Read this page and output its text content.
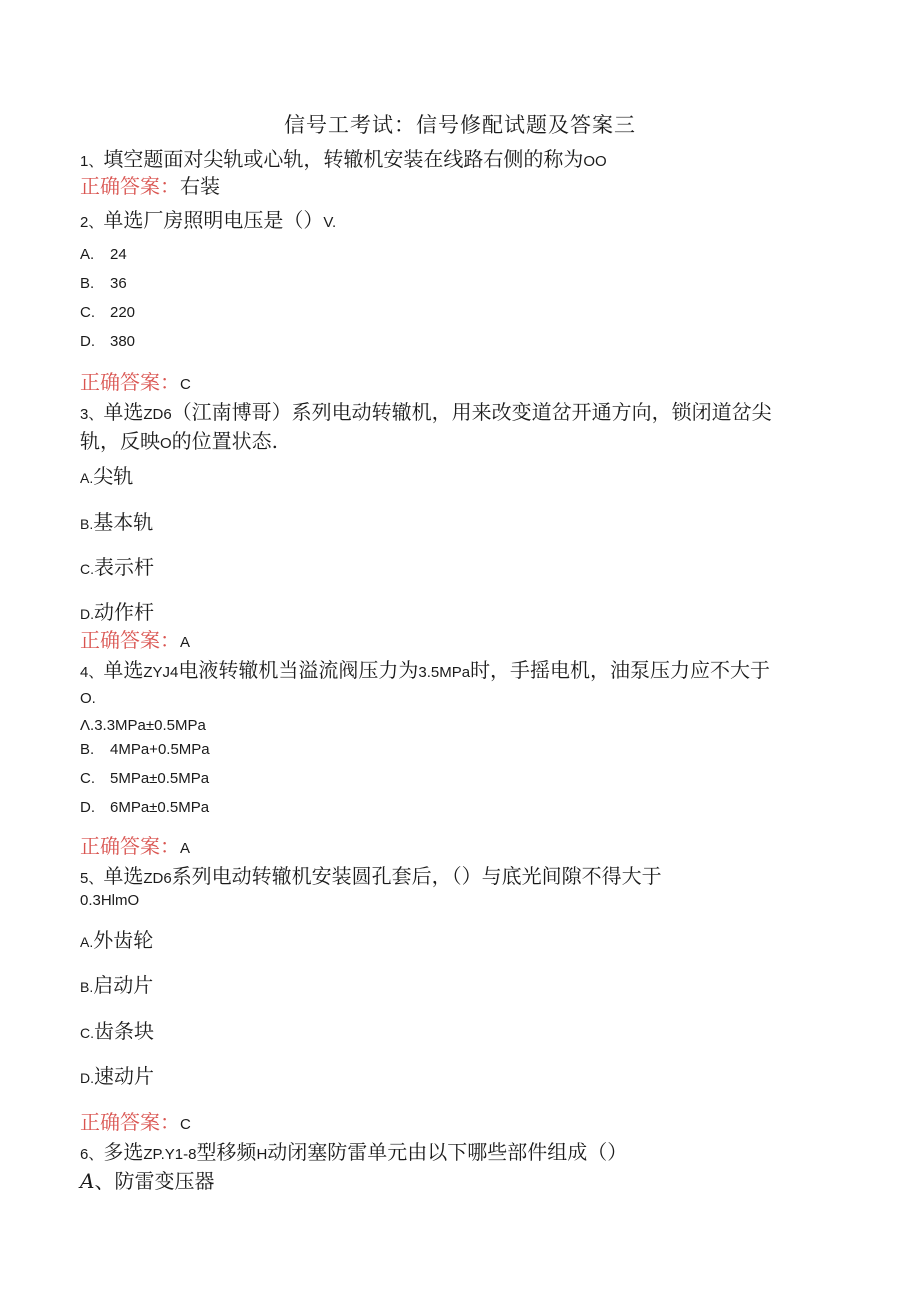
信号工考试：信号修配试题及答案三
1、填空题面对尖轨或心轨，转辙机安装在线路右侧的称为OO
正确答案：右装
2、单选厂房照明电压是（）V.
A. 24
B. 36
C. 220
D. 380
正确答案：C
3、单选ZD6（江南博哥）系列电动转辙机，用来改变道岔开通方向，锁闭道岔尖
轨，反映O的位置状态.
A.尖轨
B.基本轨
C.表示杆
D.动作杆
正确答案：A
4、单选ZYJ4电液转辙机当溢流阀压力为3.5MPa时，手摇电机，油泵压力应不大于
O.
Λ.3.3MPa±0.5MPa
B. 4MPa+0.5MPa
C. 5MPa±0.5MPa
D. 6MPa±0.5MPa
正确答案：A
5、单选ZD6系列电动转辙机安装圆孔套后，（）与底光间隙不得大于
0.3HlmO
A.外齿轮
B.启动片
C.齿条块
D.速动片
正确答案：C
6、多选ZP.Y1-8型移频H动闭塞防雷单元由以下哪些部件组成（）
A、防雷变压器
